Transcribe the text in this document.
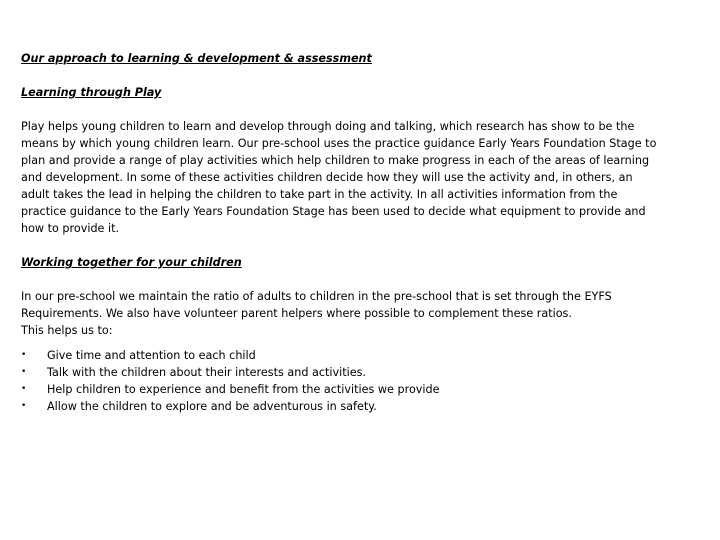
Our approach to learning & development & assessment

Learning through Play

Play helps young children to learn and develop through doing and talking, which research has show to be the means by which young children learn. Our pre-school uses the practice guidance Early Years Foundation Stage to plan and provide a range of play activities which help children to make progress in each of the areas of learning and development. In some of these activities children decide how they will use the activity and, in others, an adult takes the lead in helping the children to take part in the activity. In all activities information from the practice guidance to the Early Years Foundation Stage has been used to decide what equipment to provide and how to provide it.

Working together for your children

In our pre-school we maintain the ratio of adults to children in the pre-school that is set through the EYFS Requirements. We also have volunteer parent helpers where possible to complement these ratios.
This helps us to:

• Give time and attention to each child
• Talk with the children about their interests and activities.
• Help children to experience and benefit from the activities we provide
• Allow the children to explore and be adventurous in safety.
